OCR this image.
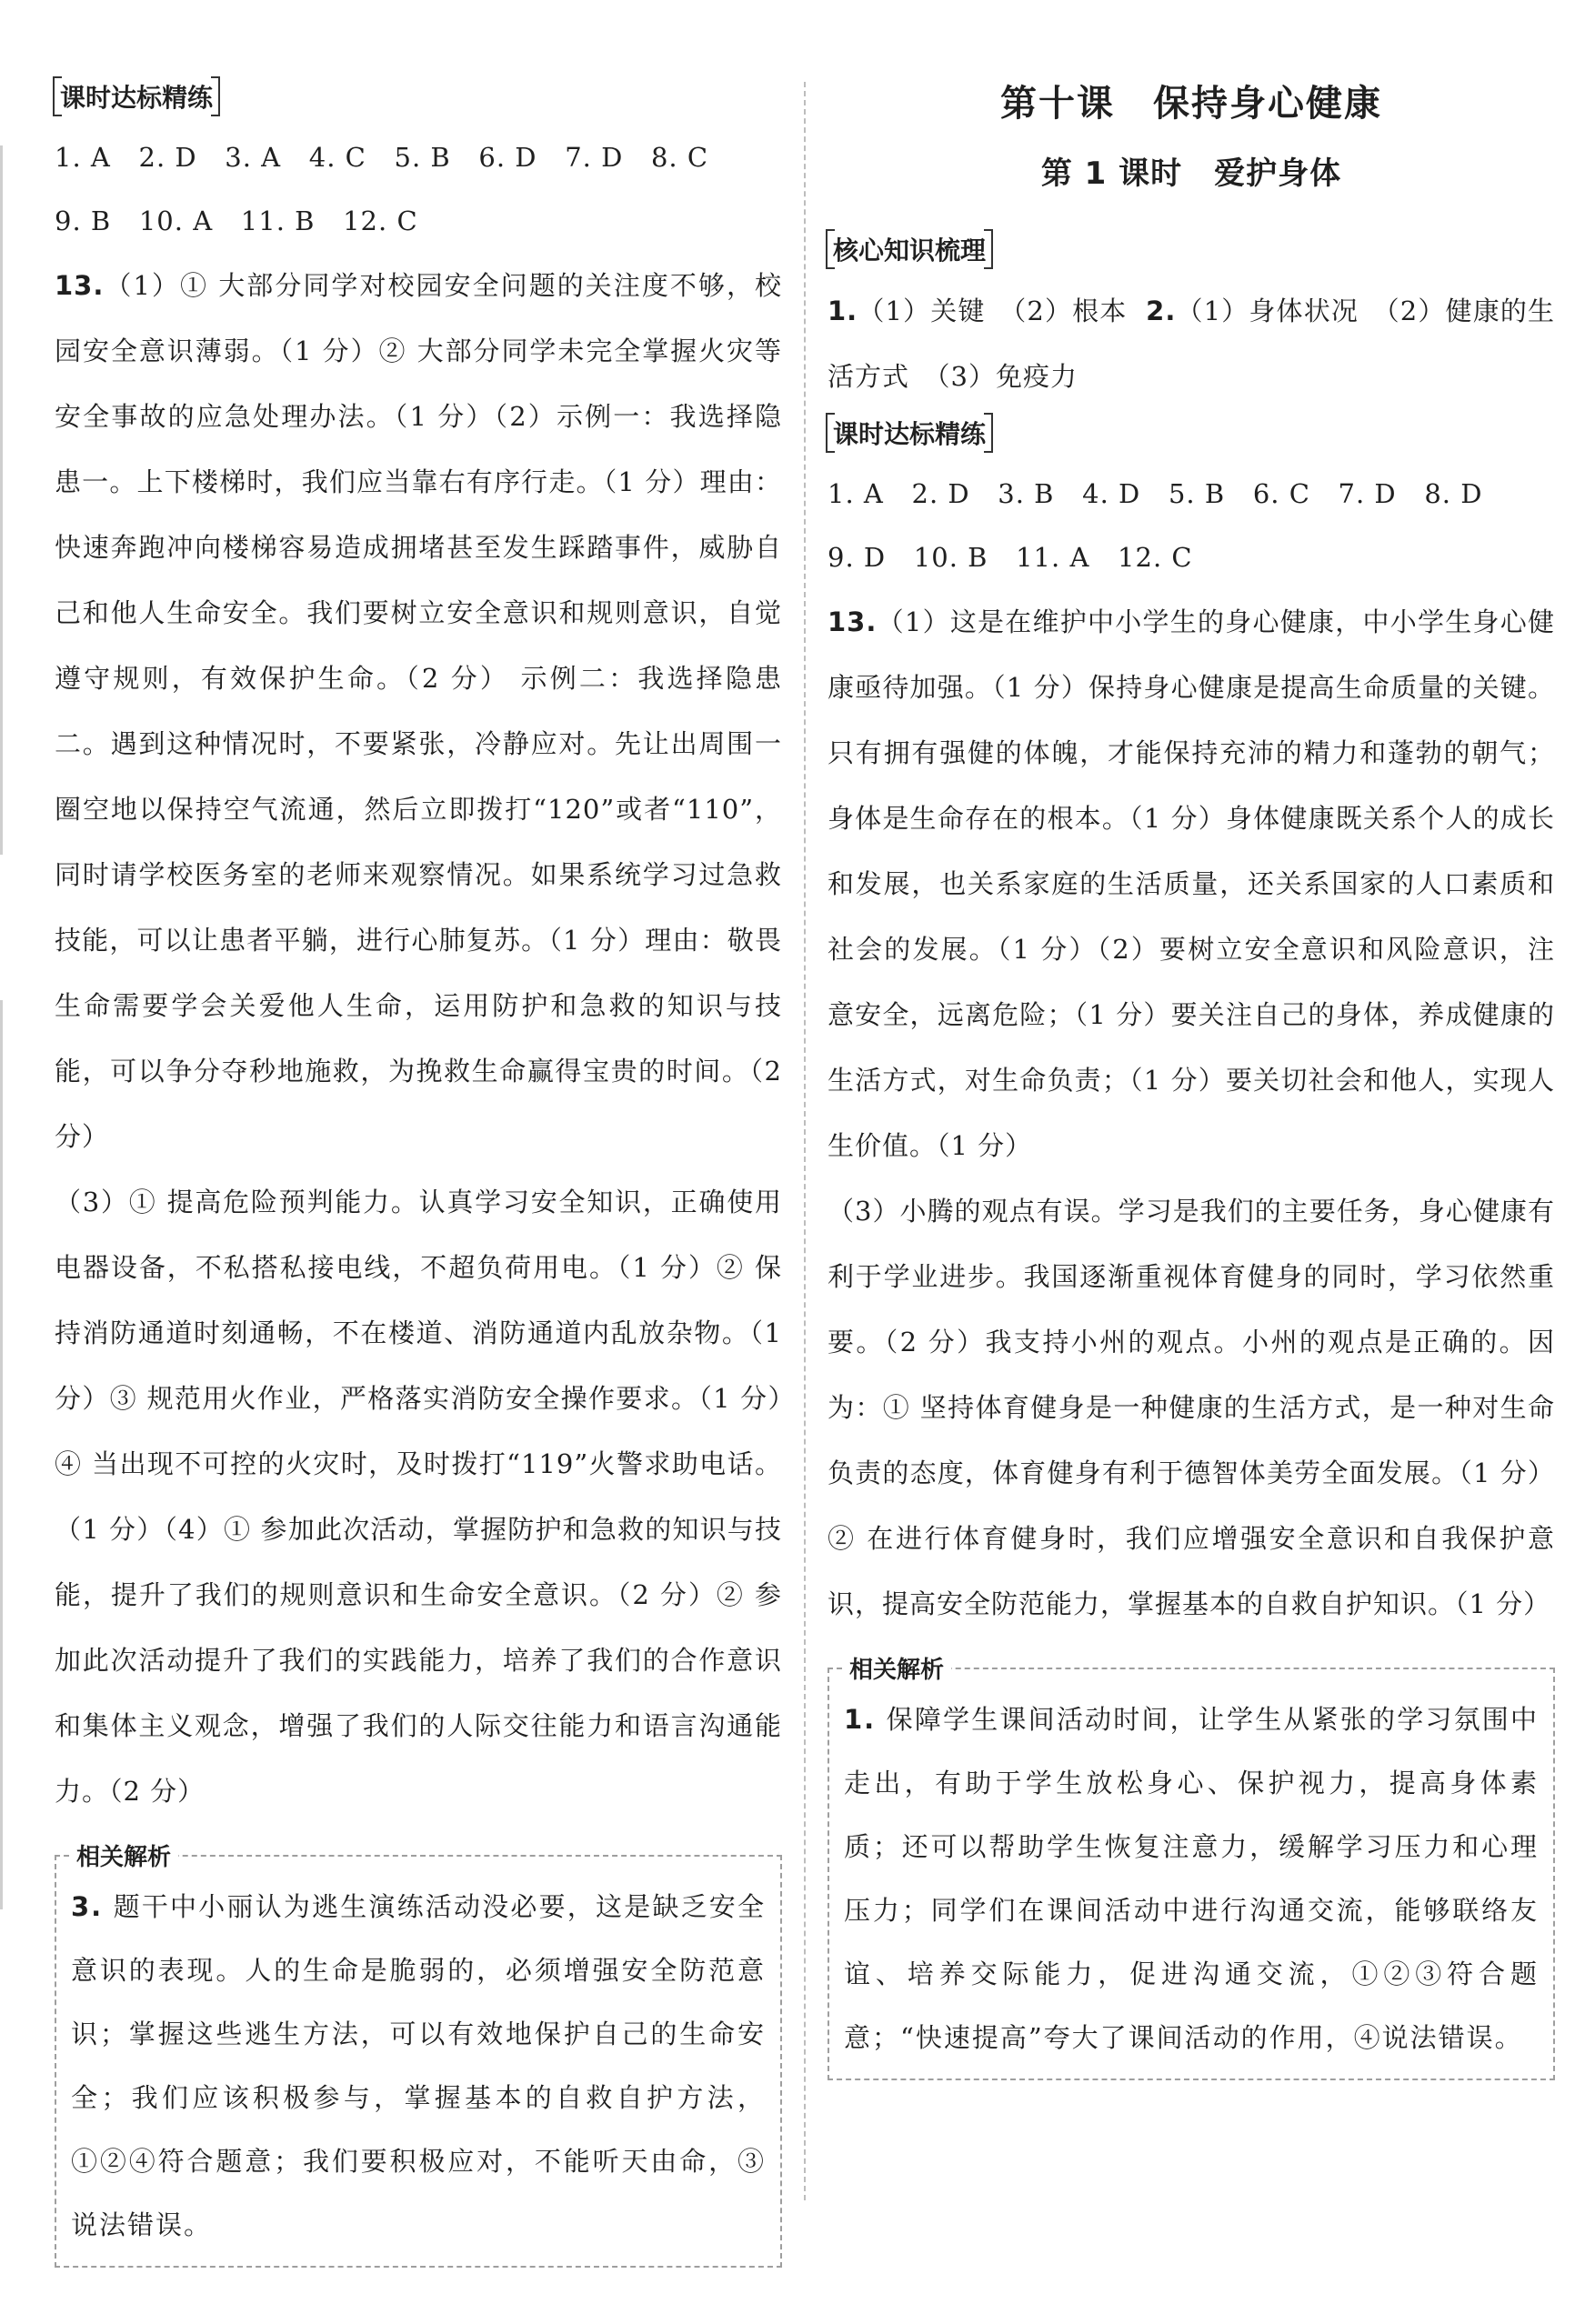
课时达标精练
1. A 2. D 3. A 4. C 5. B 6. D 7. D 8. C
9. B 10. A 11. B 12. C

13.（1）① 大部分同学对校园安全问题的关注度不够，校园安全意识薄弱。（1 分）② 大部分同学未完全掌握火灾等安全事故的应急处理办法。（1 分）（2）示例一：我选择隐患一。上下楼梯时，我们应当靠右有序行走。（1 分）理由：快速奔跑冲向楼梯容易造成拥堵甚至发生踩踏事件，威胁自己和他人生命安全。我们要树立安全意识和规则意识，自觉遵守规则，有效保护生命。（2 分） 示例二：我选择隐患二。遇到这种情况时，不要紧张，冷静应对。先让出周围一圈空地以保持空气流通，然后立即拨打“120”或者“110”，同时请学校医务室的老师来观察情况。如果系统学习过急救技能，可以让患者平躺，进行心肺复苏。（1 分）理由：敬畏生命需要学会关爱他人生命，运用防护和急救的知识与技能，可以争分夺秒地施救，为挽救生命赢得宝贵的时间。（2 分）

（3）① 提高危险预判能力。认真学习安全知识，正确使用电器设备，不私搭私接电线，不超负荷用电。（1 分）② 保持消防通道时刻通畅，不在楼道、消防通道内乱放杂物。（1 分）③ 规范用火作业，严格落实消防安全操作要求。（1 分）④ 当出现不可控的火灾时，及时拨打“119”火警求助电话。（1 分）（4）① 参加此次活动，掌握防护和急救的知识与技能，提升了我们的规则意识和生命安全意识。（2 分）② 参加此次活动提升了我们的实践能力，培养了我们的合作意识和集体主义观念，增强了我们的人际交往能力和语言沟通能力。（2 分）

相关解析

3. 题干中小丽认为逃生演练活动没必要，这是缺乏安全意识的表现。人的生命是脆弱的，必须增强安全防范意识；掌握这些逃生方法，可以有效地保护自己的生命安全；我们应该积极参与，掌握基本的自救自护方法，①②④符合题意；我们要积极应对，不能听天由命，③说法错误。

第十课　保持身心健康
第 1 课时　爱护身体
核心知识梳理

1.（1）关键　（2）根本 2.（1）身体状况　（2）健康的生活方式　（3）免疫力

课时达标精练
1. A 2. D 3. B 4. D 5. B 6. C 7. D 8. D
9. D 10. B 11. A 12. C

13.（1）这是在维护中小学生的身心健康，中小学生身心健康亟待加强。（1 分）保持身心健康是提高生命质量的关键。只有拥有强健的体魄，才能保持充沛的精力和蓬勃的朝气；身体是生命存在的根本。（1 分）身体健康既关系个人的成长和发展，也关系家庭的生活质量，还关系国家的人口素质和社会的发展。（1 分）（2）要树立安全意识和风险意识，注意安全，远离危险；（1 分）要关注自己的身体，养成健康的生活方式，对生命负责；（1 分）要关切社会和他人，实现人生价值。（1 分）

（3）小腾的观点有误。学习是我们的主要任务，身心健康有利于学业进步。我国逐渐重视体育健身的同时，学习依然重要。（2 分）我支持小州的观点。小州的观点是正确的。因为：① 坚持体育健身是一种健康的生活方式，是一种对生命负责的态度，体育健身有利于德智体美劳全面发展。（1 分）② 在进行体育健身时，我们应增强安全意识和自我保护意识，提高安全防范能力，掌握基本的自救自护知识。（1 分）

相关解析

1. 保障学生课间活动时间，让学生从紧张的学习氛围中走出，有助于学生放松身心、保护视力，提高身体素质；还可以帮助学生恢复注意力，缓解学习压力和心理压力；同学们在课间活动中进行沟通交流，能够联络友谊、培养交际能力，促进沟通交流，①②③符合题意；“快速提高”夸大了课间活动的作用，④说法错误。
